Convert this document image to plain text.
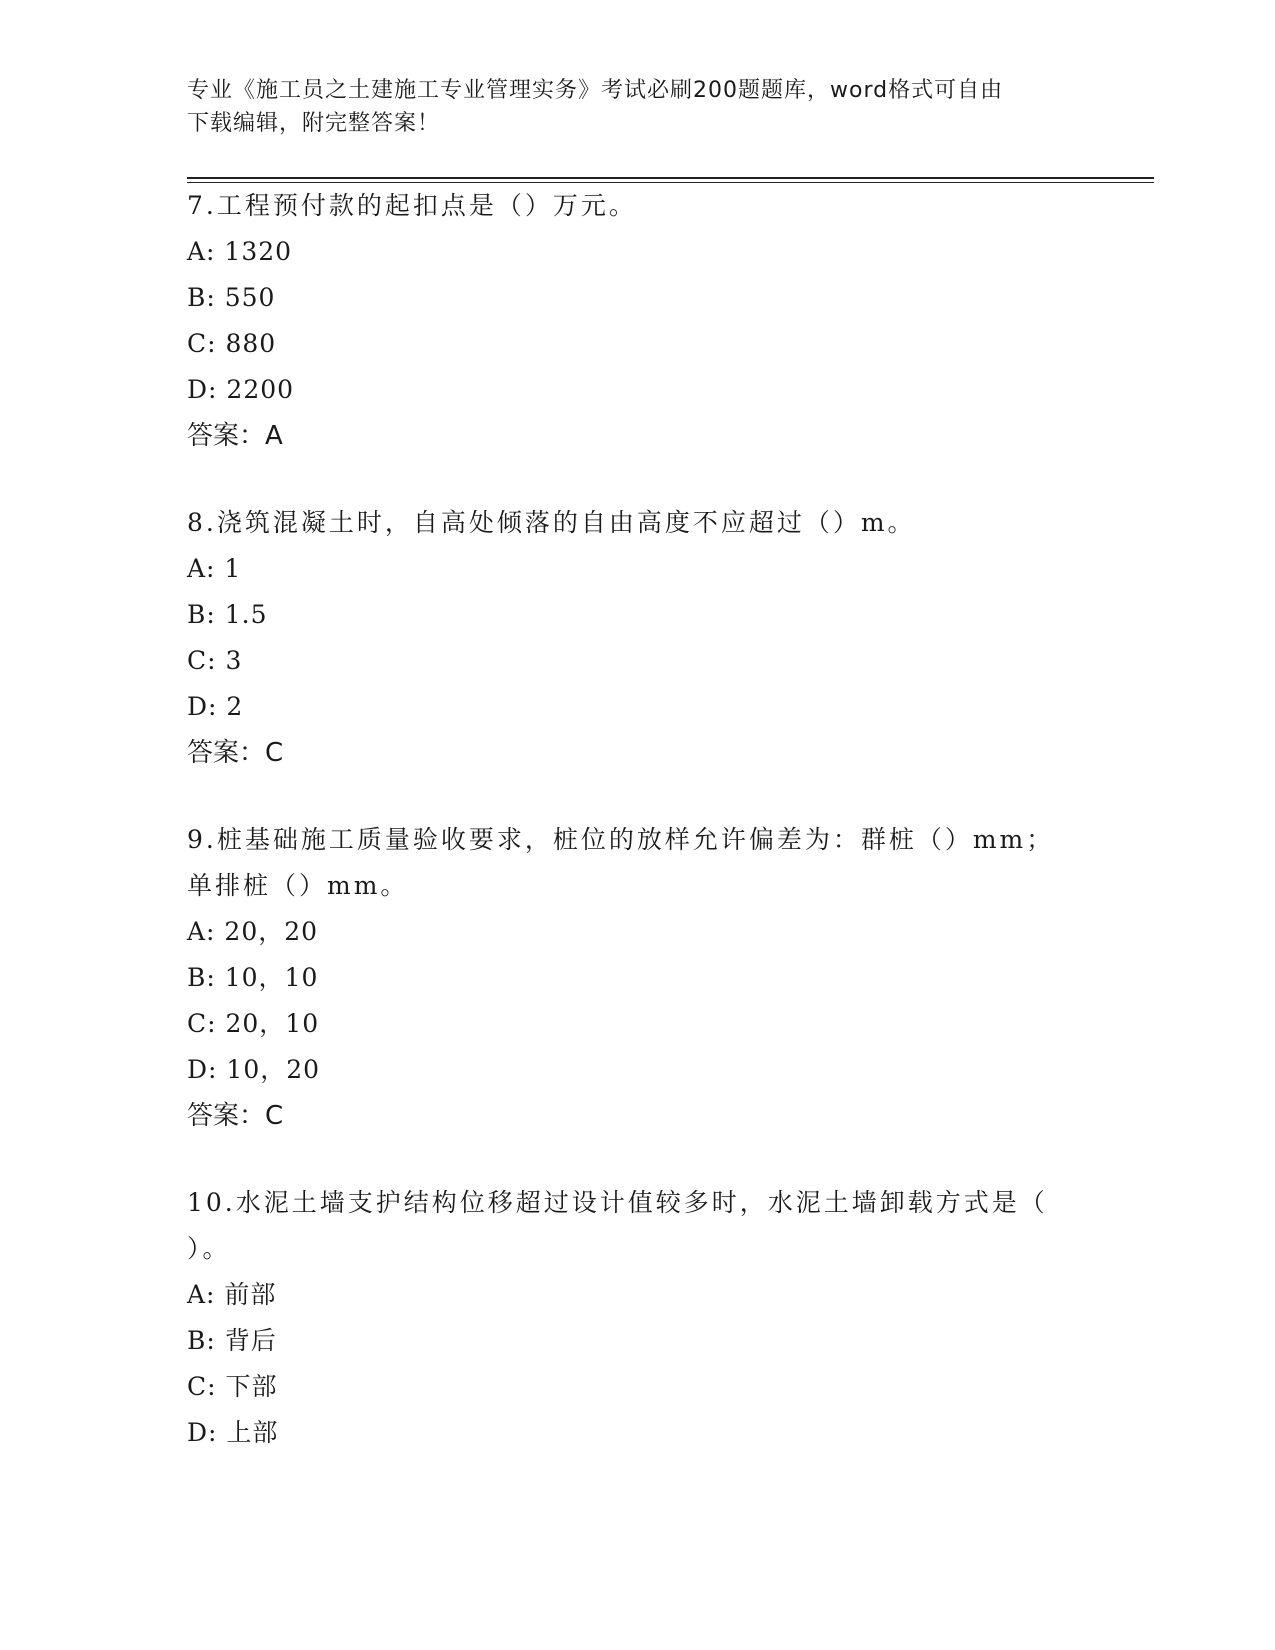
专业《施工员之土建施工专业管理实务》考试必刷200题题库，word格式可自由
下载编辑，附完整答案！

7.工程预付款的起扣点是（）万元。

A: 1320

B: 550

C: 880

D: 2200

答案：A

8.浇筑混凝土时，自高处倾落的自由高度不应超过（）m。

A: 1

B: 1.5

C: 3

D: 2

答案：C

9.桩基础施工质量验收要求，桩位的放样允许偏差为：群桩（）mm；

单排桩（）mm。

A: 20，20

B: 10，10

C: 20，10

D: 10，20

答案：C

10.水泥土墙支护结构位移超过设计值较多时，水泥土墙卸载方式是（

）。

A: 前部

B: 背后

C: 下部

D: 上部
